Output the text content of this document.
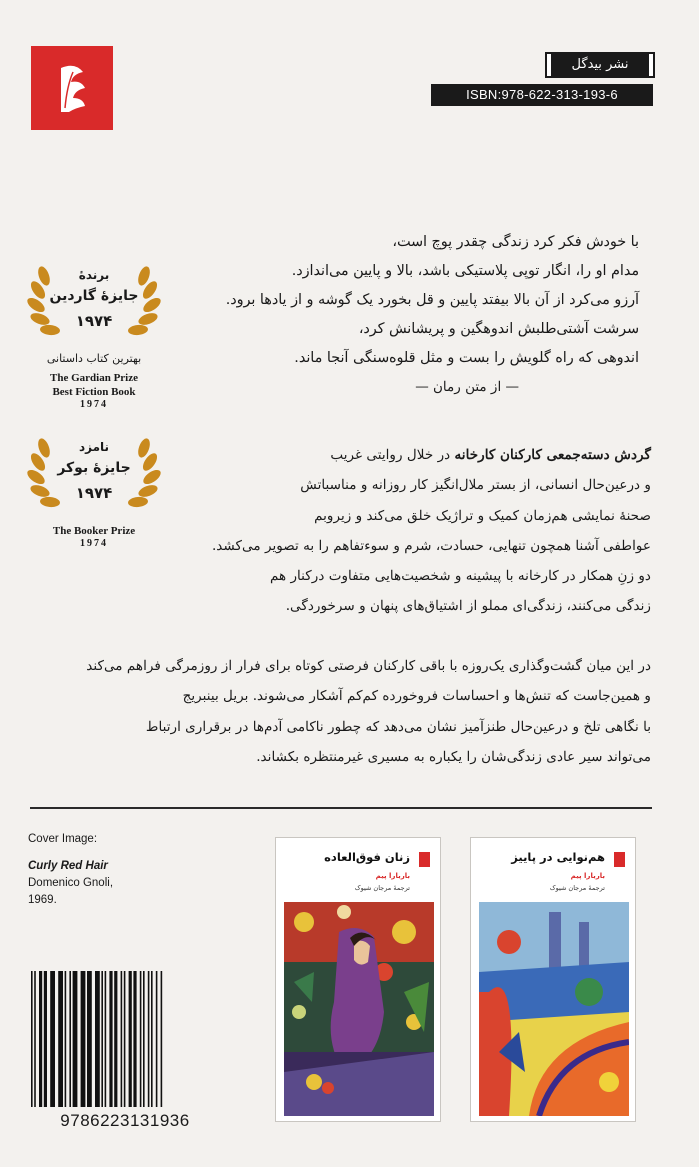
نشر بیدگل
ISBN:978-622-313-193-6
برندهٔ
جایزهٔ گاردین
۱۹۷۴
بهترین کتاب داستانی
The Gardian Prize
Best Fiction Book
1974
نامزد
جایزهٔ بوکر
۱۹۷۴
The Booker Prize
1974
با خودش فکر کرد زندگی چقدر پوچ است،
مدام او را، انگار توپی پلاستیکی باشد، بالا و پایین می‌اندازد.
آرزو می‌کرد از آن بالا بیفتد پایین و قل بخورد یک گوشه و از یادها برود.
سرشت آشتی‌طلبش اندوهگین و پریشانش کرد،
اندوهی که راه گلویش را بست و مثل قلوه‌سنگی آنجا ماند.
— از متن رمان —
گردش دسته‌جمعی کارکنان کارخانه در خلال روایتی غریب
و درعین‌حال انسانی، از بستر ملال‌انگیز کار روزانه و مناسباتش
صحنهٔ نمایشی هم‌زمان کمیک و تراژیک خلق می‌کند و زیروبم
عواطفی آشنا همچون تنهایی، حسادت، شرم و سوءتفاهم را به تصویر می‌کشد.
دو زنِ همکار در کارخانه با پیشینه و شخصیت‌هایی متفاوت درکنار هم
زندگی می‌کنند، زندگی‌ای مملو از اشتیاق‌های پنهان و سرخوردگی.
در این میان گشت‌وگذاری یک‌روزه با باقی کارکنان فرصتی کوتاه برای فرار از روزمرگی فراهم می‌کند
و همین‌جاست که تنش‌ها و احساسات فروخورده کم‌کم آشکار می‌شوند. بریل بینبریج
با نگاهی تلخ و درعین‌حال طنزآمیز نشان می‌دهد که چطور ناکامی آدم‌ها در برقراری ارتباط
می‌تواند سیر عادی زندگی‌شان را یکباره به مسیری غیرمنتظره بکشاند.
Cover Image:
Curly Red Hair
Domenico Gnoli,
1969.
9786223131936
زنان فوق‌العاده
باربارا پیم
ترجمهٔ مرجان شیوک
هم‌نوایی در پاییز
باربارا پیم
ترجمهٔ مرجان شیوک
